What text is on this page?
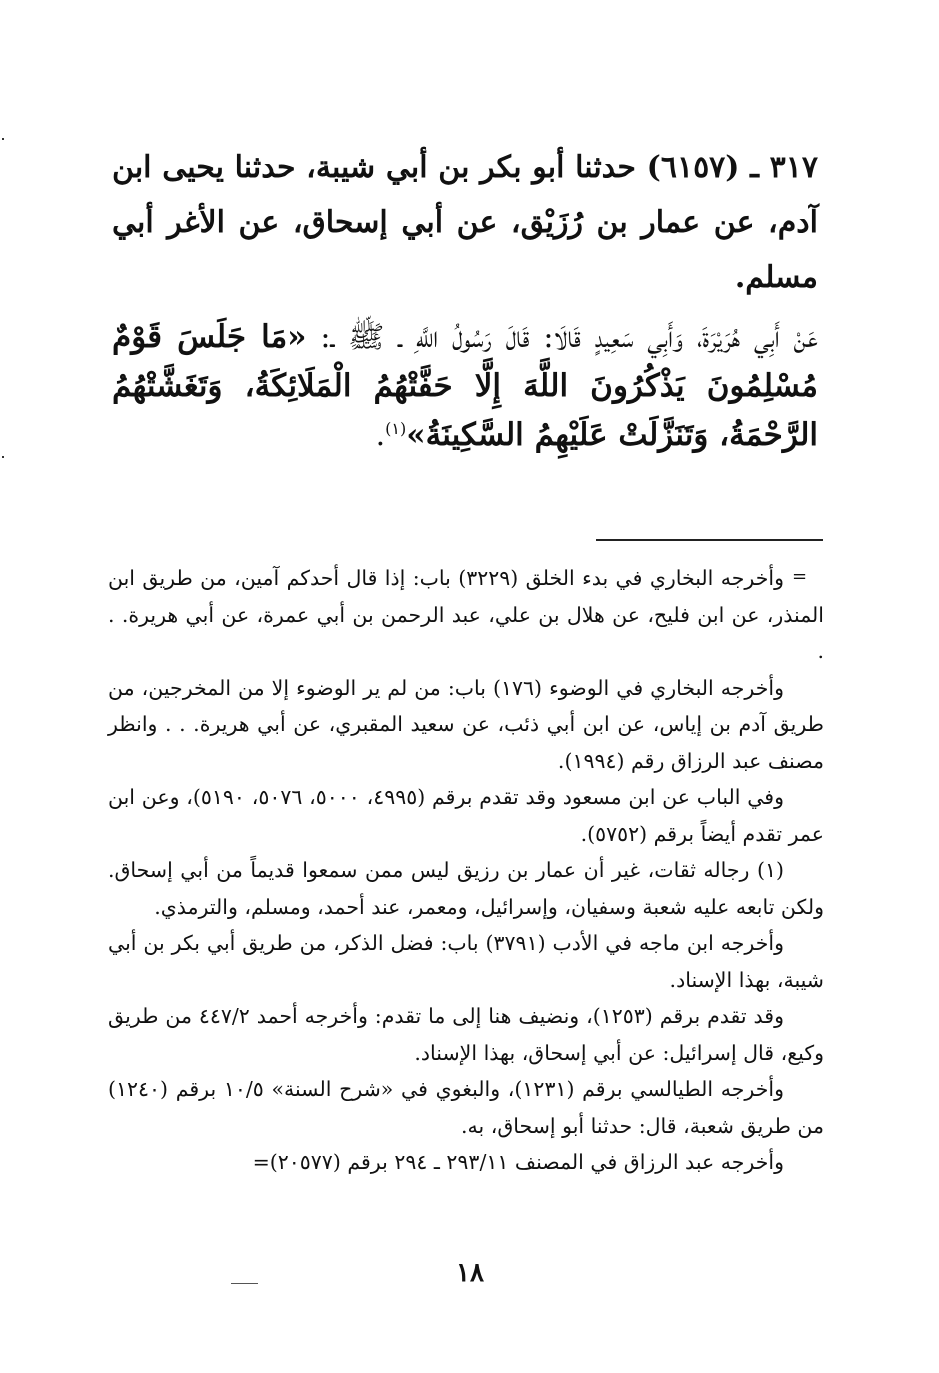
٣١٧ ـ (٦١٥٧) حدثنا أبو بكر بن أبي شيبة، حدثنا يحيى ابن آدم، عن عمار بن رُزَيْق، عن أبي إسحاق، عن الأغر أبي مسلم.
عَنْ أَبِي هُرَيْرَةَ، وَأَبِي سَعِيدٍ قَالَا: قَالَ رَسُولُ اللَّهِ ـ ﷺ ـ: «مَا جَلَسَ قَوْمٌ مُسْلِمُونَ يَذْكُرُونَ اللَّهَ إِلَّا حَفَّتْهُمُ الْمَلَائِكَةُ، وَتَغَشَّتْهُمُ الرَّحْمَةُ، وَتَنَزَّلَتْ عَلَيْهِمُ السَّكِينَةُ»$^{(١)}$.
=

وأخرجه البخاري في بدء الخلق (٣٢٢٩) باب: إذا قال أحدكم آمين، من طريق ابن المنذر، عن ابن فليح، عن هلال بن علي، عبد الرحمن بن أبي عمرة، عن أبي هريرة. . .

وأخرجه البخاري في الوضوء (١٧٦) باب: من لم ير الوضوء إلا من المخرجين، من طريق آدم بن إياس، عن ابن أبي ذئب، عن سعيد المقبري، عن أبي هريرة. . . وانظر مصنف عبد الرزاق رقم (١٩٩٤).

وفي الباب عن ابن مسعود وقد تقدم برقم (٤٩٩٥، ٥٠٠٠، ٥٠٧٦، ٥١٩٠)، وعن ابن عمر تقدم أيضاً برقم (٥٧٥٢).

(١) رجاله ثقات، غير أن عمار بن رزيق ليس ممن سمعوا قديماً من أبي إسحاق. ولكن تابعه عليه شعبة وسفيان، وإسرائيل، ومعمر، عند أحمد، ومسلم، والترمذي.

وأخرجه ابن ماجه في الأدب (٣٧٩١) باب: فضل الذكر، من طريق أبي بكر بن أبي شيبة، بهذا الإسناد.

وقد تقدم برقم (١٢٥٣)، ونضيف هنا إلى ما تقدم: وأخرجه أحمد ٤٤٧/٢ من طريق وكيع، قال إسرائيل: عن أبي إسحاق، بهذا الإسناد.

وأخرجه الطيالسي برقم (١٢٣١)، والبغوي في «شرح السنة» ١٠/٥ برقم (١٢٤٠) من طريق شعبة، قال: حدثنا أبو إسحاق، به.

وأخرجه عبد الرزاق في المصنف ٢٩٣/١١ ـ ٢٩٤ برقم (٢٠٥٧٧)=

١٨
